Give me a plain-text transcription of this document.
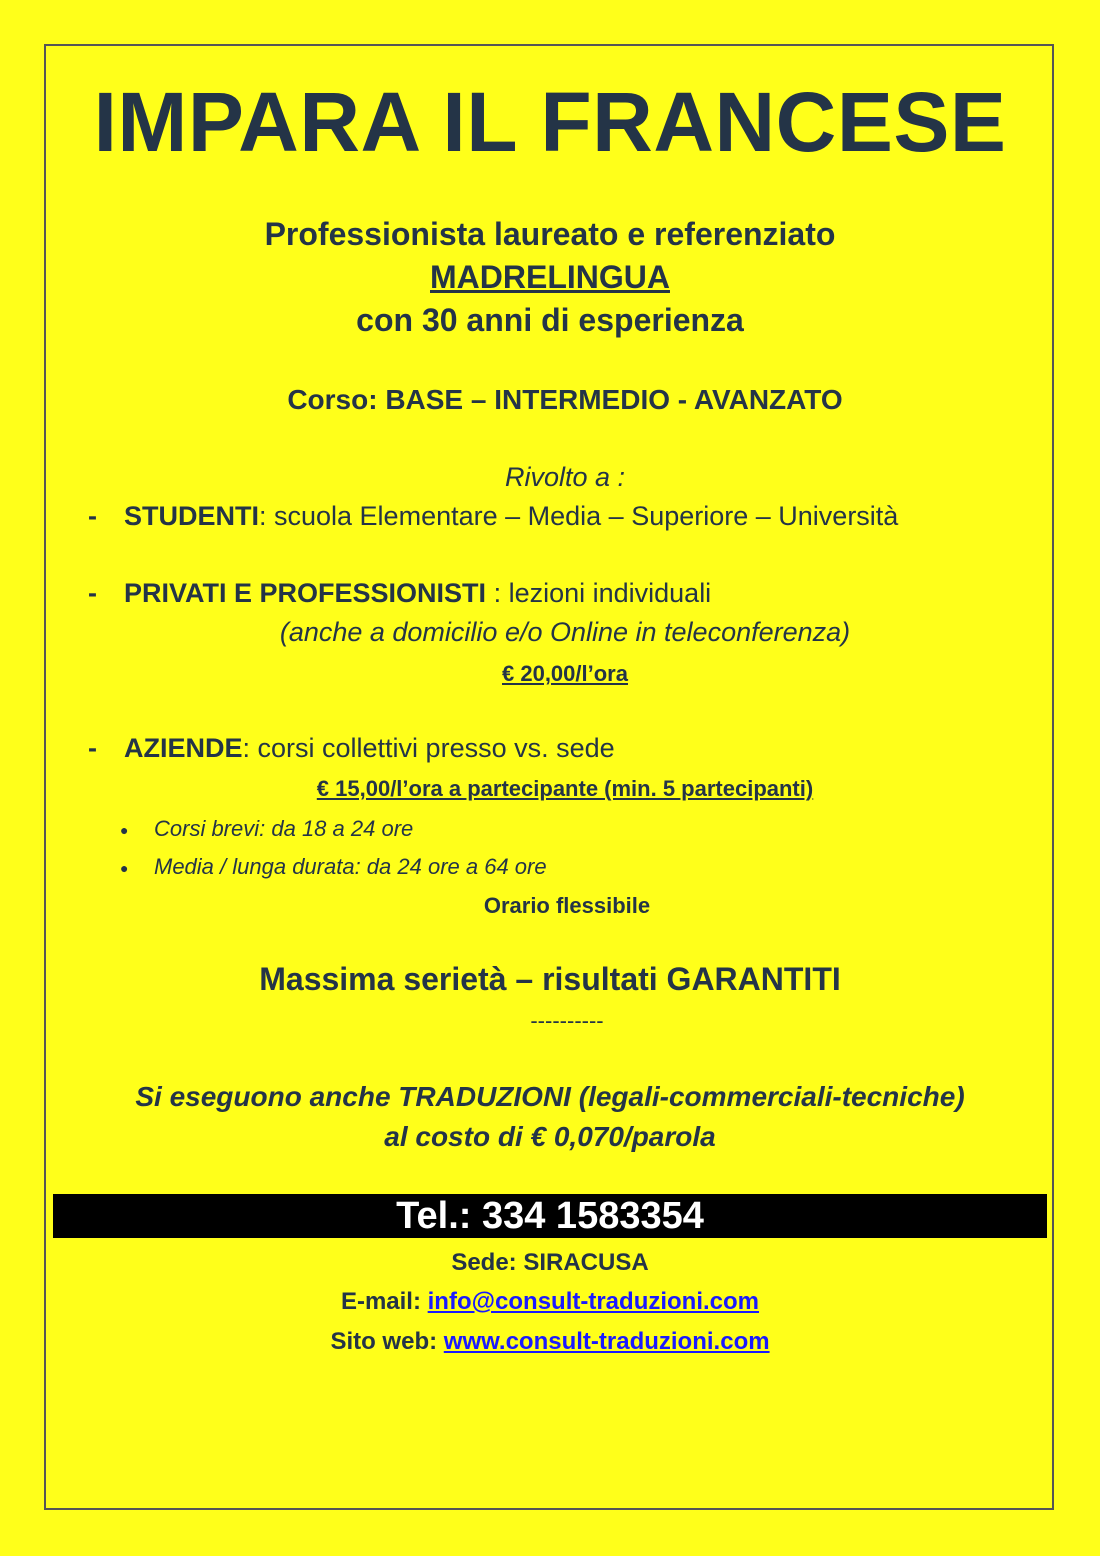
IMPARA IL FRANCESE
Professionista laureato e referenziato
MADRELINGUA
con 30 anni di esperienza
Corso: BASE – INTERMEDIO - AVANZATO
Rivolto a :
- STUDENTI: scuola Elementare – Media – Superiore – Università
- PRIVATI E PROFESSIONISTI : lezioni individuali
(anche a domicilio e/o Online in teleconferenza)
€ 20,00/l’ora
- AZIENDE: corsi collettivi presso vs. sede
€ 15,00/l’ora a partecipante (min. 5 partecipanti)
● Corsi brevi: da 18 a 24 ore
● Media / lunga durata: da 24 ore a 64 ore
Orario flessibile
Massima serietà – risultati GARANTITI
----------
Si eseguono anche TRADUZIONI (legali-commerciali-tecniche)
al costo di € 0,070/parola
Tel.: 334 1583354
Sede: SIRACUSA
E-mail: info@consult-traduzioni.com
Sito web: www.consult-traduzioni.com
